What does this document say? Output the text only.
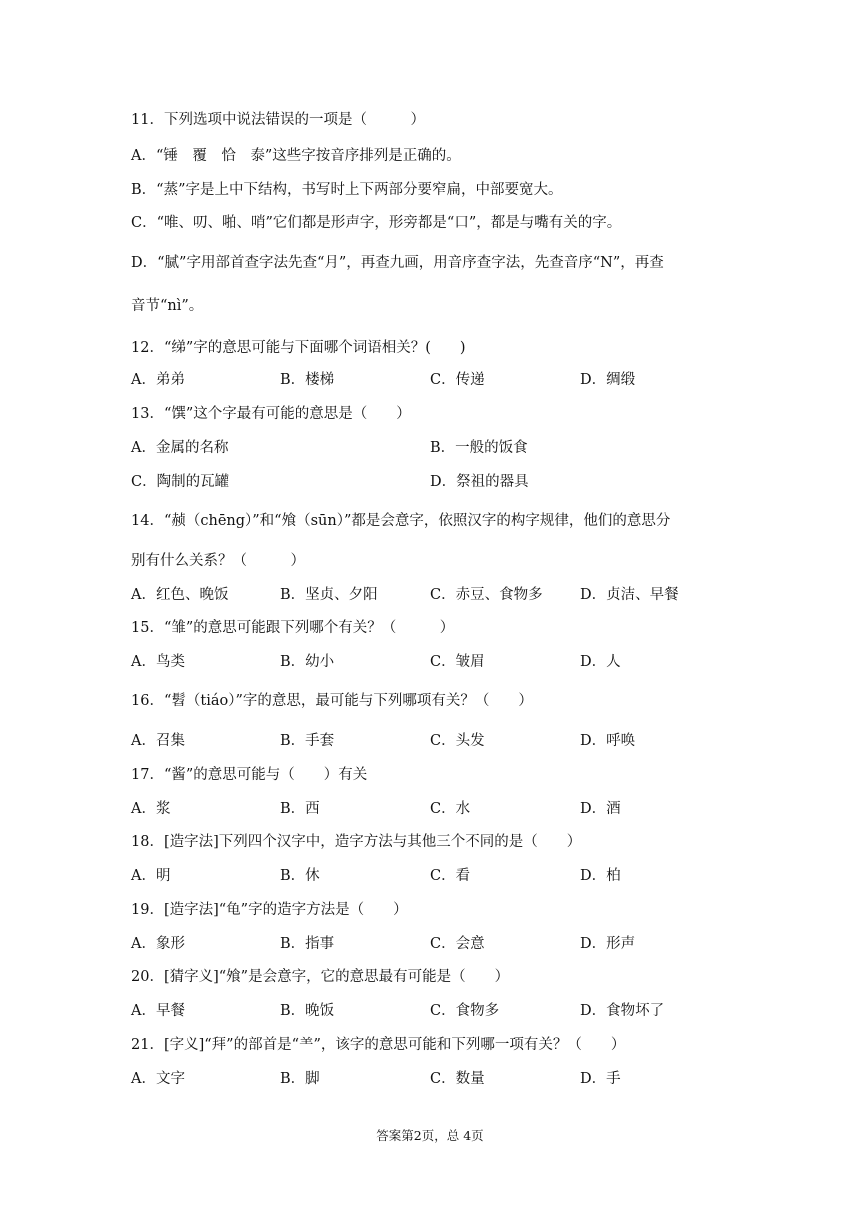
11．下列选项中说法错误的一项是（　　　）
A．“锤　覆　恰　泰”这些字按音序排列是正确的。
B．“蒸”字是上中下结构，书写时上下两部分要窄扁，中部要宽大。
C．“唯、叨、啪、哨”它们都是形声字，形旁都是“口”，都是与嘴有关的字。
D．“腻”字用部首查字法先查“月”，再查九画，用音序查字法，先查音序“N”，再查
音节“nì”。
12．“绨”字的意思可能与下面哪个词语相关？(　　)
A．弟弟	B．楼梯	C．传递	D．绸缎
13．“馔”这个字最有可能的意思是（　　）
A．金属的名称	B．一般的饭食
C．陶制的瓦罐	D．祭祖的器具
14．“赪（chēng）”和“飧（sūn）”都是会意字，依照汉字的构字规律，他们的意思分
别有什么关系？（　　　）
A．红色、晚饭	B．坚贞、夕阳	C．赤豆、食物多	D．贞洁、早餐
15．“雏”的意思可能跟下列哪个有关？（　　　）
A．鸟类	B．幼小	C．皱眉	D．人
16．“髫（tiáo）”字的意思，最可能与下列哪项有关？（　　）
A．召集	B．手套	C．头发	D．呼唤
17．“酱”的意思可能与（　　）有关
A．浆	B．西	C．水	D．酒
18．[造字法]下列四个汉字中，造字方法与其他三个不同的是（　　）
A．明	B．休	C．看	D．柏
19．[造字法]“龟”字的造字方法是（　　）
A．象形	B．指事	C．会意	D．形声
20．[猜字义]“飧”是会意字，它的意思最有可能是（　　）
A．早餐	B．晚饭	C．食物多	D．食物坏了
21．[字义]“拜”的部首是“⺷”，该字的意思可能和下列哪一项有关？（　　）
A．文字	B．脚	C．数量	D．手
答案第2页，总 4页
